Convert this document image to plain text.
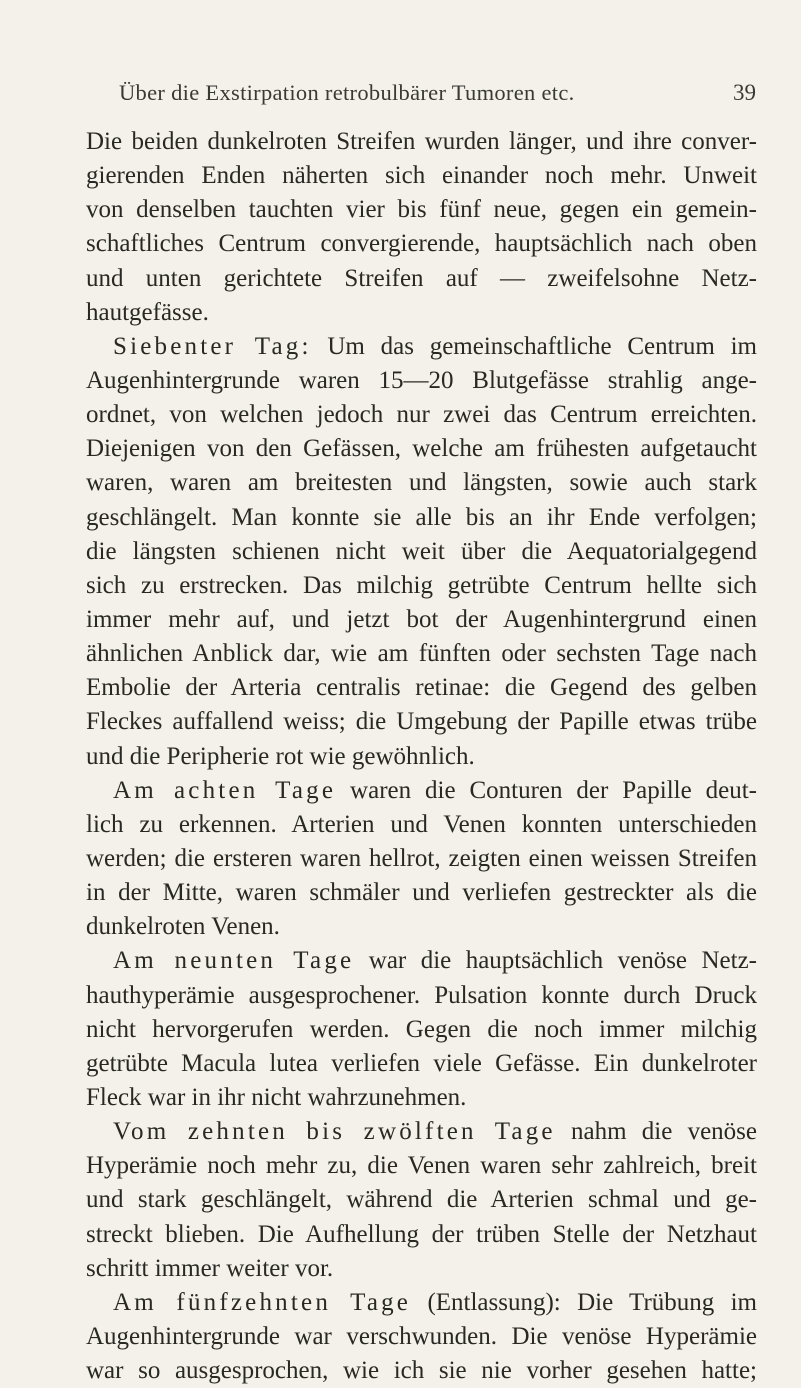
Über die Exstirpation retrobulbärer Tumoren etc.	39
Die beiden dunkelroten Streifen wurden länger, und ihre conver-
gierenden Enden näherten sich einander noch mehr. Unweit
von denselben tauchten vier bis fünf neue, gegen ein gemein-
schaftliches Centrum convergierende, hauptsächlich nach oben
und unten gerichtete Streifen auf — zweifelsohne Netz-
hautgefässe.
Siebenter Tag: Um das gemeinschaftliche Centrum im
Augenhintergrunde waren 15—20 Blutgefässe strahlig ange-
ordnet, von welchen jedoch nur zwei das Centrum erreichten.
Diejenigen von den Gefässen, welche am frühesten aufgetaucht
waren, waren am breitesten und längsten, sowie auch stark
geschlängelt. Man konnte sie alle bis an ihr Ende verfolgen;
die längsten schienen nicht weit über die Aequatorialgegend
sich zu erstrecken. Das milchig getrübte Centrum hellte sich
immer mehr auf, und jetzt bot der Augenhintergrund einen
ähnlichen Anblick dar, wie am fünften oder sechsten Tage nach
Embolie der Arteria centralis retinae: die Gegend des gelben
Fleckes auffallend weiss; die Umgebung der Papille etwas trübe
und die Peripherie rot wie gewöhnlich.
Am achten Tage waren die Conturen der Papille deut-
lich zu erkennen. Arterien und Venen konnten unterschieden
werden; die ersteren waren hellrot, zeigten einen weissen Streifen
in der Mitte, waren schmäler und verliefen gestreckter als die
dunkelroten Venen.
Am neunten Tage war die hauptsächlich venöse Netz-
hauthyperämie ausgesprochener. Pulsation konnte durch Druck
nicht hervorgerufen werden. Gegen die noch immer milchig
getrübte Macula lutea verliefen viele Gefässe. Ein dunkelroter
Fleck war in ihr nicht wahrzunehmen.
Vom zehnten bis zwölften Tage nahm die venöse
Hyperämie noch mehr zu, die Venen waren sehr zahlreich, breit
und stark geschlängelt, während die Arterien schmal und ge-
streckt blieben. Die Aufhellung der trüben Stelle der Netzhaut
schritt immer weiter vor.
Am fünfzehnten Tage (Entlassung): Die Trübung im
Augenhintergrunde war verschwunden. Die venöse Hyperämie
war so ausgesprochen, wie ich sie nie vorher gesehen hatte;
